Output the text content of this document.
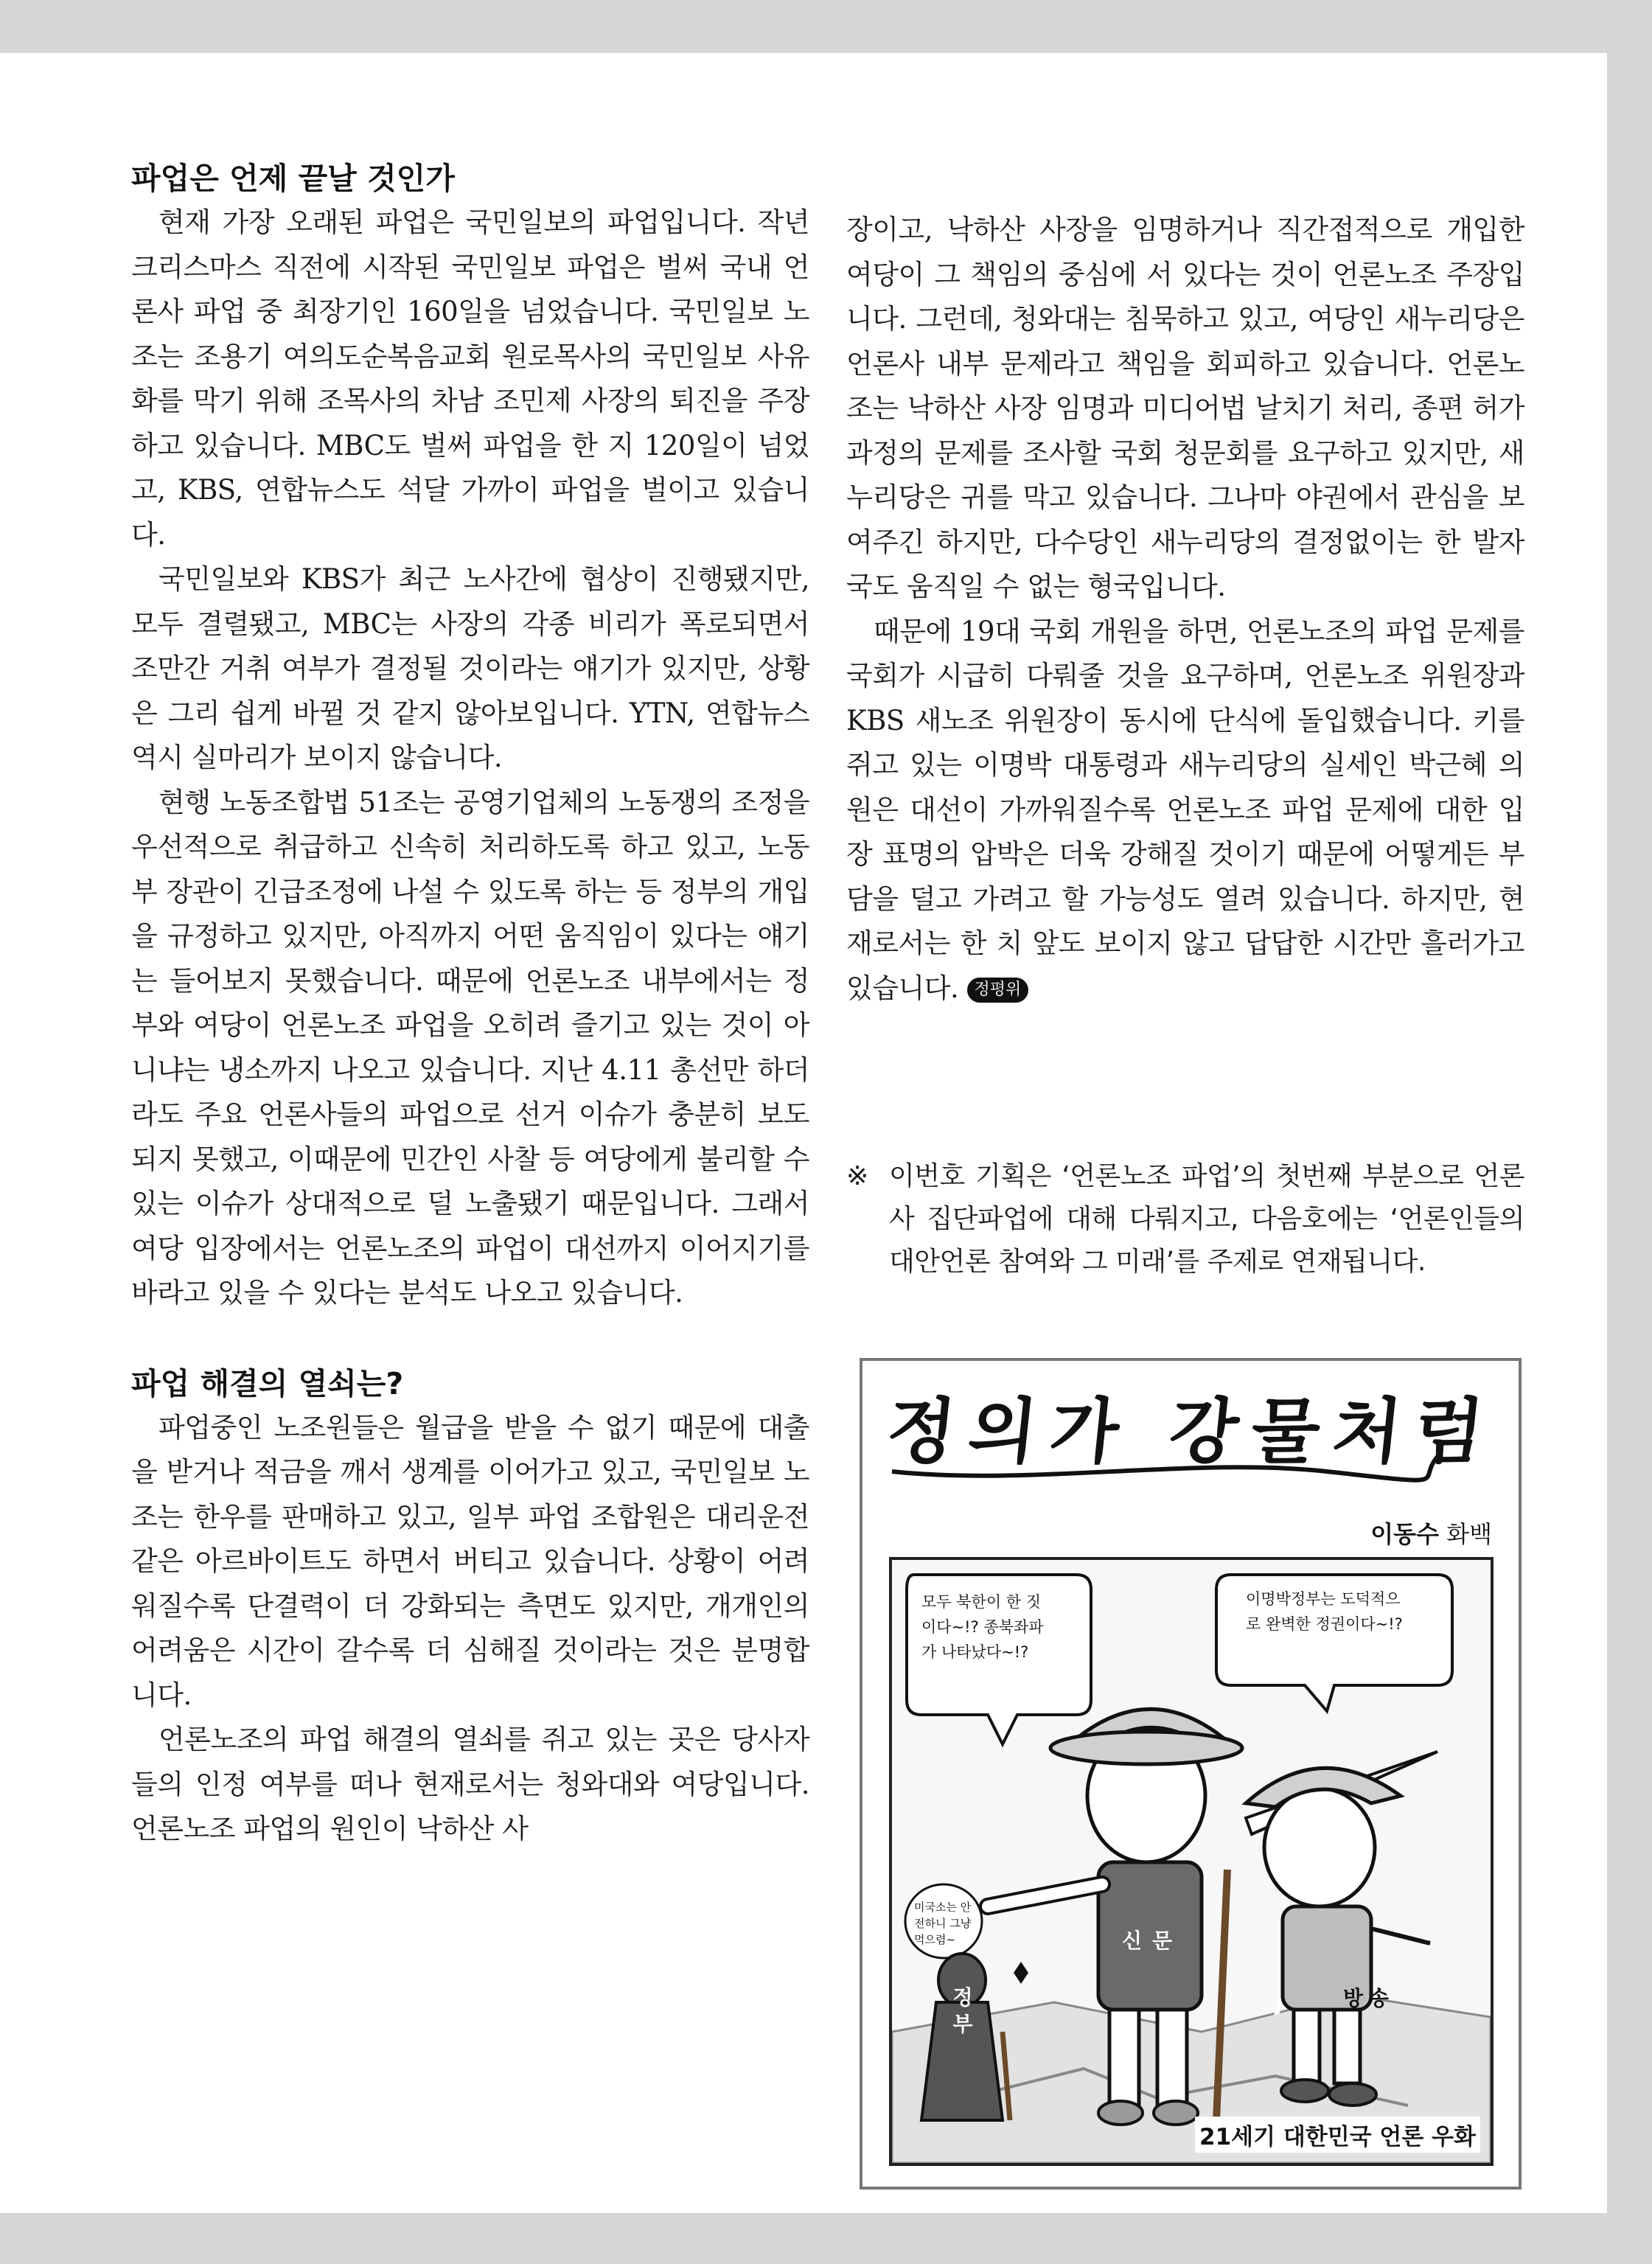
파업은 언제 끝날 것인가

현재 가장 오래된 파업은 국민일보의 파업입니다. 작년 크리스마스 직전에 시작된 국민일보 파업은 벌써 국내 언론사 파업 중 최장기인 160일을 넘었습니다. 국민일보 노조는 조용기 여의도순복음교회 원로목사의 국민일보 사유화를 막기 위해 조목사의 차남 조민제 사장의 퇴진을 주장하고 있습니다. MBC도 벌써 파업을 한 지 120일이 넘었고, KBS, 연합뉴스도 석달 가까이 파업을 벌이고 있습니다.

국민일보와 KBS가 최근 노사간에 협상이 진행됐지만, 모두 결렬됐고, MBC는 사장의 각종 비리가 폭로되면서 조만간 거취 여부가 결정될 것이라는 얘기가 있지만, 상황은 그리 쉽게 바뀔 것 같지 않아보입니다. YTN, 연합뉴스 역시 실마리가 보이지 않습니다.

현행 노동조합법 51조는 공영기업체의 노동쟁의 조정을 우선적으로 취급하고 신속히 처리하도록 하고 있고, 노동부 장관이 긴급조정에 나설 수 있도록 하는 등 정부의 개입을 규정하고 있지만, 아직까지 어떤 움직임이 있다는 얘기는 들어보지 못했습니다. 때문에 언론노조 내부에서는 정부와 여당이 언론노조 파업을 오히려 즐기고 있는 것이 아니냐는 냉소까지 나오고 있습니다. 지난 4.11 총선만 하더라도 주요 언론사들의 파업으로 선거 이슈가 충분히 보도되지 못했고, 이때문에 민간인 사찰 등 여당에게 불리할 수 있는 이슈가 상대적으로 덜 노출됐기 때문입니다. 그래서 여당 입장에서는 언론노조의 파업이 대선까지 이어지기를 바라고 있을 수 있다는 분석도 나오고 있습니다.

파업 해결의 열쇠는?

파업중인 노조원들은 월급을 받을 수 없기 때문에 대출을 받거나 적금을 깨서 생계를 이어가고 있고, 국민일보 노조는 한우를 판매하고 있고, 일부 파업 조합원은 대리운전 같은 아르바이트도 하면서 버티고 있습니다. 상황이 어려워질수록 단결력이 더 강화되는 측면도 있지만, 개개인의 어려움은 시간이 갈수록 더 심해질 것이라는 것은 분명합니다.

언론노조의 파업 해결의 열쇠를 쥐고 있는 곳은 당사자들의 인정 여부를 떠나 현재로서는 청와대와 여당입니다. 언론노조 파업의 원인이 낙하산 사

장이고, 낙하산 사장을 임명하거나 직간접적으로 개입한 여당이 그 책임의 중심에 서 있다는 것이 언론노조 주장입니다. 그런데, 청와대는 침묵하고 있고, 여당인 새누리당은 언론사 내부 문제라고 책임을 회피하고 있습니다. 언론노조는 낙하산 사장 임명과 미디어법 날치기 처리, 종편 허가 과정의 문제를 조사할 국회 청문회를 요구하고 있지만, 새누리당은 귀를 막고 있습니다. 그나마 야권에서 관심을 보여주긴 하지만, 다수당인 새누리당의 결정없이는 한 발자국도 움직일 수 없는 형국입니다.

때문에 19대 국회 개원을 하면, 언론노조의 파업 문제를 국회가 시급히 다뤄줄 것을 요구하며, 언론노조 위원장과 KBS 새노조 위원장이 동시에 단식에 돌입했습니다. 키를 쥐고 있는 이명박 대통령과 새누리당의 실세인 박근혜 의원은 대선이 가까워질수록 언론노조 파업 문제에 대한 입장 표명의 압박은 더욱 강해질 것이기 때문에 어떻게든 부담을 덜고 가려고 할 가능성도 열려 있습니다. 하지만, 현재로서는 한 치 앞도 보이지 않고 답답한 시간만 흘러가고 있습니다. 정평위

※ 이번호 기획은 ‘언론노조 파업’의 첫번째 부분으로 언론사 집단파업에 대해 다뤄지고, 다음호에는 ‘언론인들의 대안언론 참여와 그 미래’를 주제로 연재됩니다.
정의가 강물처럼
이동수 화백
모두 북한이 한 짓이다~!? 종북좌파가 나타났다~!?
이명박정부는 도덕적으로 완벽한 정권이다~!?
미국소는 안전하니 그냥 먹으렴~	신문
정부
방송
J
21세기 대한민국 언론 우화
